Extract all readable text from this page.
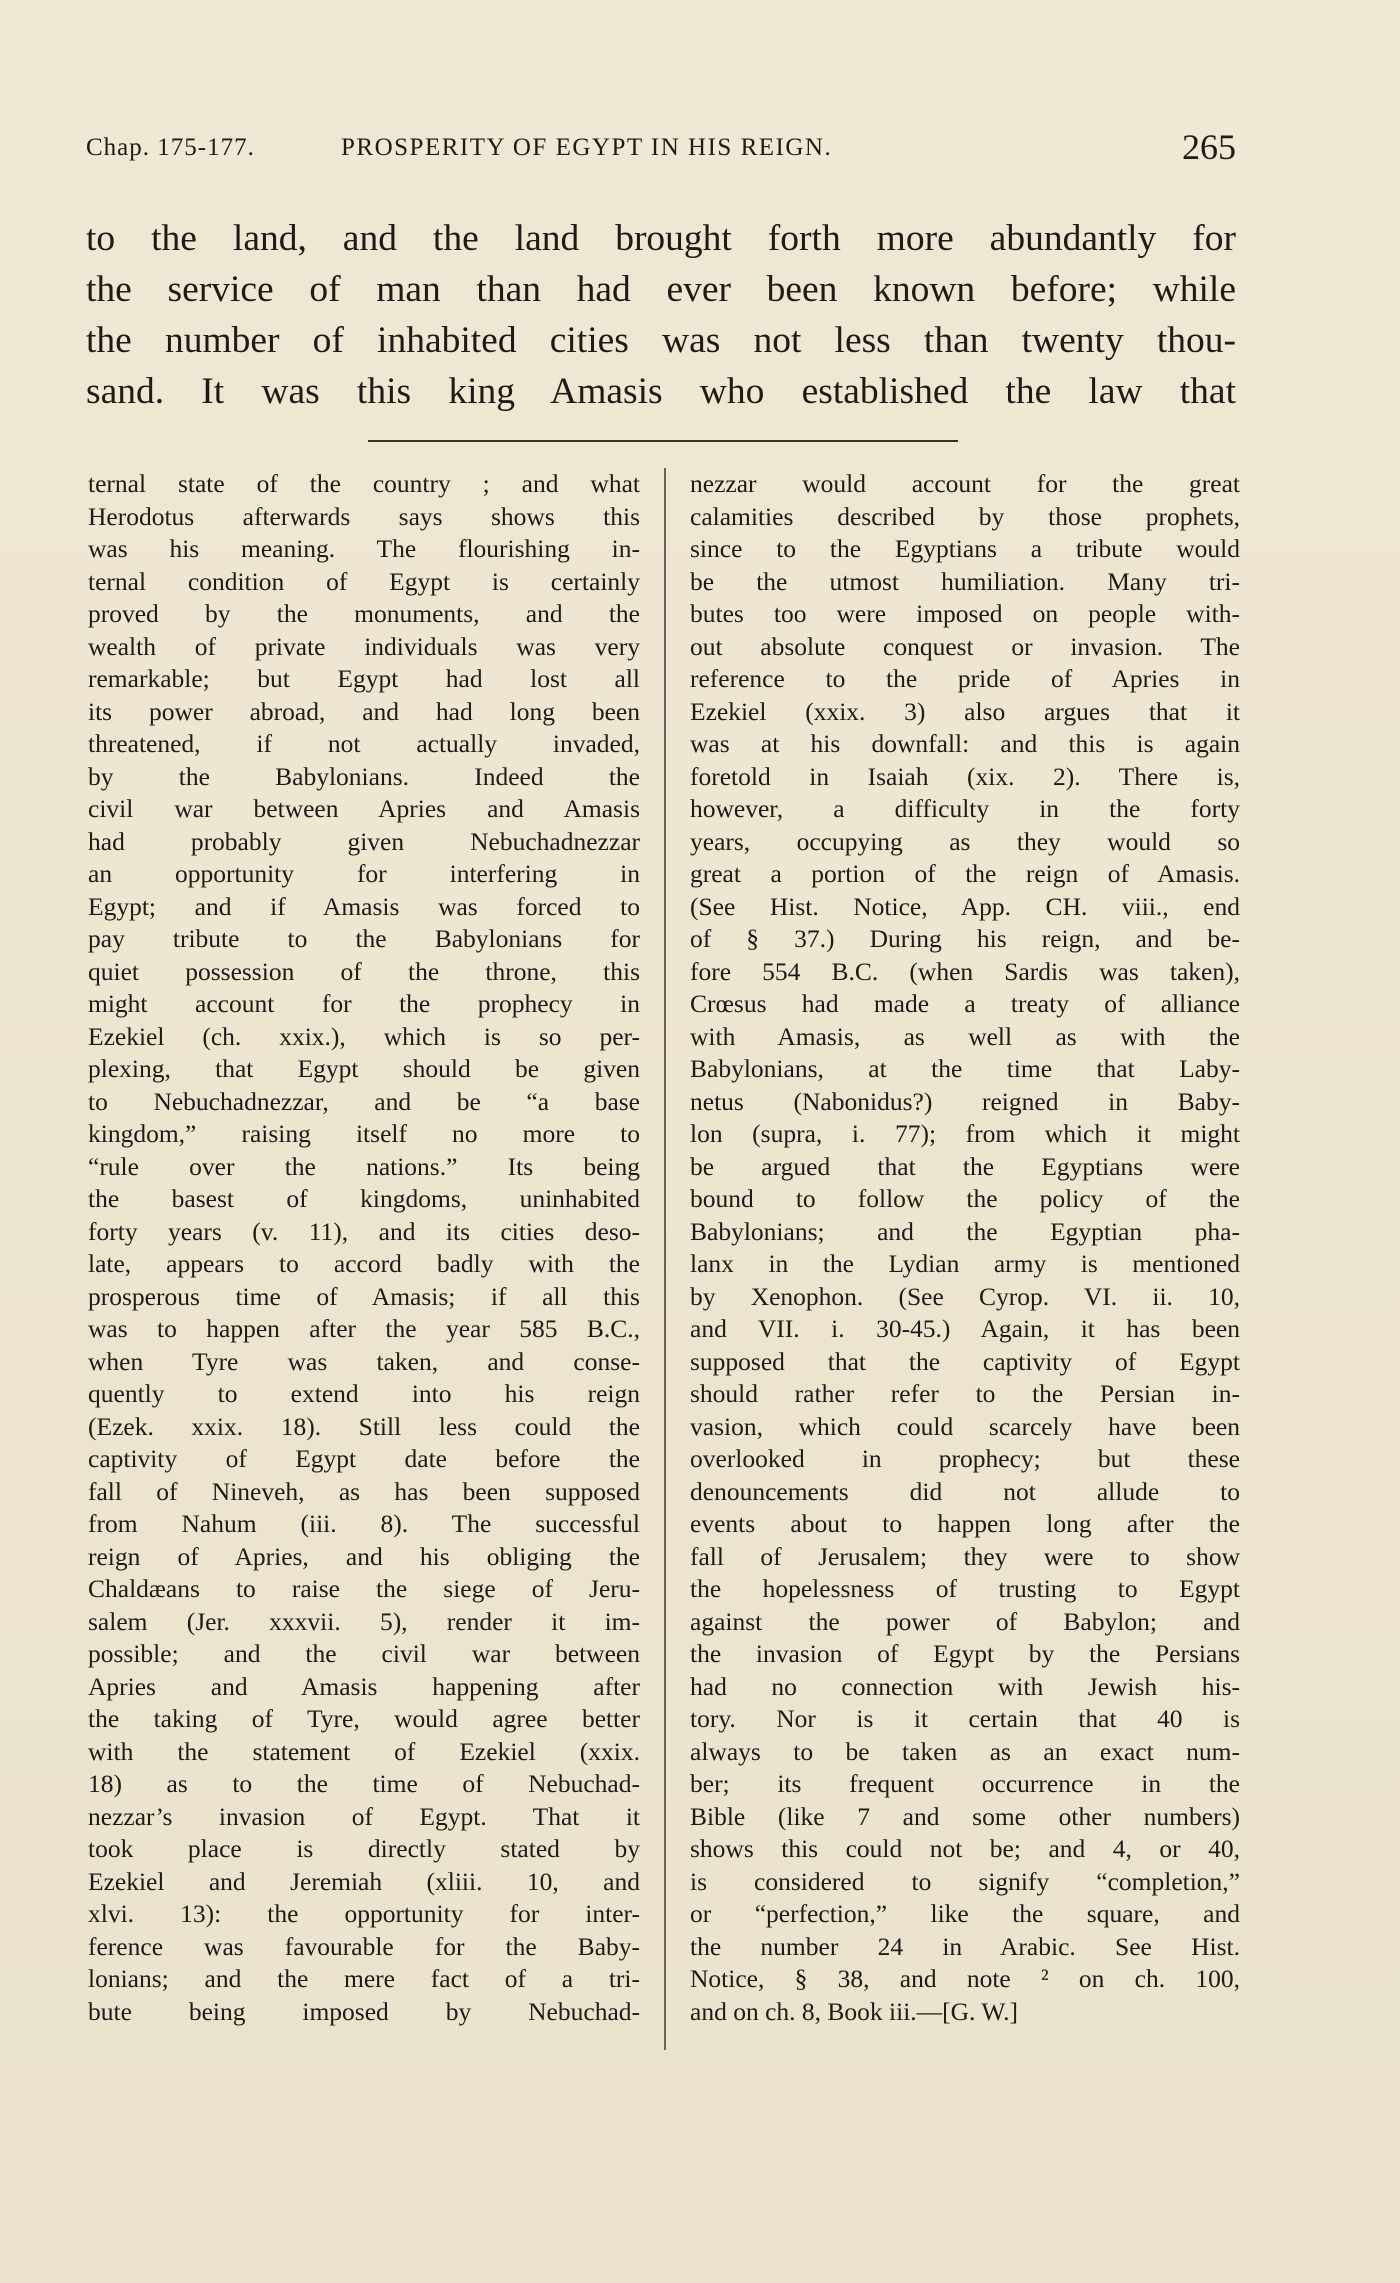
Chap. 175-177.	PROSPERITY OF EGYPT IN HIS REIGN.	265
to the land, and the land brought forth more abundantly for
the service of man than had ever been known before; while
the number of inhabited cities was not less than twenty thou-
sand. It was this king Amasis who established the law that
ternal state of the country ; and what
Herodotus afterwards says shows this
was his meaning. The flourishing in-
ternal condition of Egypt is certainly
proved by the monuments, and the
wealth of private individuals was very
remarkable; but Egypt had lost all
its power abroad, and had long been
threatened, if not actually invaded,
by the Babylonians. Indeed the
civil war between Apries and Amasis
had probably given Nebuchadnezzar
an opportunity for interfering in
Egypt; and if Amasis was forced to
pay tribute to the Babylonians for
quiet possession of the throne, this
might account for the prophecy in
Ezekiel (ch. xxix.), which is so per-
plexing, that Egypt should be given
to Nebuchadnezzar, and be “a base
kingdom,” raising itself no more to
“rule over the nations.” Its being
the basest of kingdoms, uninhabited
forty years (v. 11), and its cities deso-
late, appears to accord badly with the
prosperous time of Amasis; if all this
was to happen after the year 585 B.C.,
when Tyre was taken, and conse-
quently to extend into his reign
(Ezek. xxix. 18). Still less could the
captivity of Egypt date before the
fall of Nineveh, as has been supposed
from Nahum (iii. 8). The successful
reign of Apries, and his obliging the
Chaldæans to raise the siege of Jeru-
salem (Jer. xxxvii. 5), render it im-
possible; and the civil war between
Apries and Amasis happening after
the taking of Tyre, would agree better
with the statement of Ezekiel (xxix.
18) as to the time of Nebuchad-
nezzar’s invasion of Egypt. That it
took place is directly stated by
Ezekiel and Jeremiah (xliii. 10, and
xlvi. 13): the opportunity for inter-
ference was favourable for the Baby-
lonians; and the mere fact of a tri-
bute being imposed by Nebuchad-
nezzar would account for the great
calamities described by those prophets,
since to the Egyptians a tribute would
be the utmost humiliation. Many tri-
butes too were imposed on people with-
out absolute conquest or invasion. The
reference to the pride of Apries in
Ezekiel (xxix. 3) also argues that it
was at his downfall: and this is again
foretold in Isaiah (xix. 2). There is,
however, a difficulty in the forty
years, occupying as they would so
great a portion of the reign of Amasis.
(See Hist. Notice, App. CH. viii., end
of § 37.) During his reign, and be-
fore 554 B.C. (when Sardis was taken),
Crœsus had made a treaty of alliance
with Amasis, as well as with the
Babylonians, at the time that Laby-
netus (Nabonidus?) reigned in Baby-
lon (supra, i. 77); from which it might
be argued that the Egyptians were
bound to follow the policy of the
Babylonians; and the Egyptian pha-
lanx in the Lydian army is mentioned
by Xenophon. (See Cyrop. VI. ii. 10,
and VII. i. 30-45.) Again, it has been
supposed that the captivity of Egypt
should rather refer to the Persian in-
vasion, which could scarcely have been
overlooked in prophecy; but these
denouncements did not allude to
events about to happen long after the
fall of Jerusalem; they were to show
the hopelessness of trusting to Egypt
against the power of Babylon; and
the invasion of Egypt by the Persians
had no connection with Jewish his-
tory. Nor is it certain that 40 is
always to be taken as an exact num-
ber; its frequent occurrence in the
Bible (like 7 and some other numbers)
shows this could not be; and 4, or 40,
is considered to signify “completion,”
or “perfection,” like the square, and
the number 24 in Arabic. See Hist.
Notice, § 38, and note ² on ch. 100,
and on ch. 8, Book iii.—[G. W.]
